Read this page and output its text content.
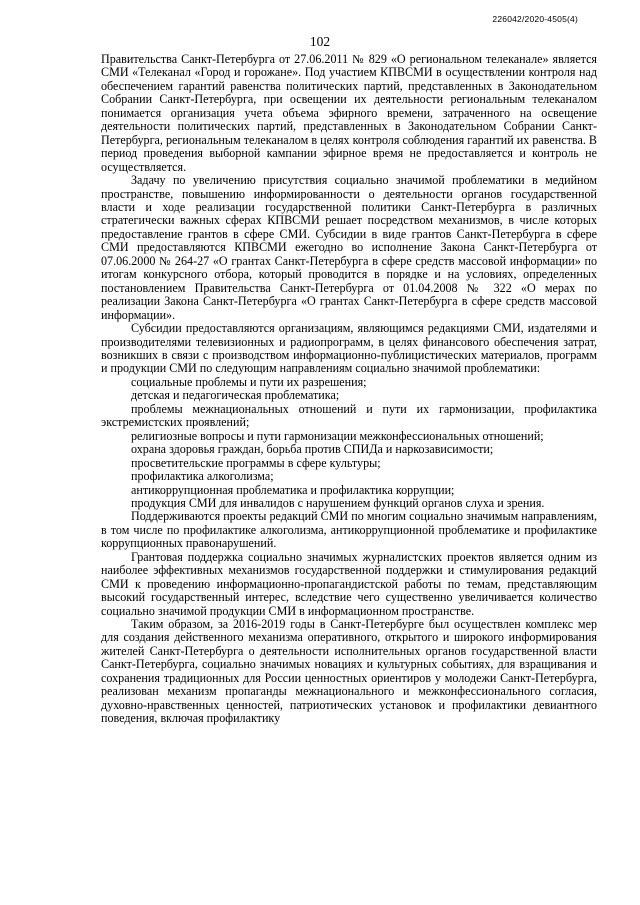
226042/2020-4505(4)
102

Правительства Санкт-Петербурга от 27.06.2011 № 829 «О региональном телеканале» является СМИ «Телеканал «Город и горожане». Под участием КПВСМИ в осуществлении контроля над обеспечением гарантий равенства политических партий, представленных в Законодательном Собрании Санкт-Петербурга, при освещении их деятельности региональным телеканалом понимается организация учета объема эфирного времени, затраченного на освещение деятельности политических партий, представленных в Законодательном Собрании Санкт-Петербурга, региональным телеканалом в целях контроля соблюдения гарантий их равенства. В период проведения выборной кампании эфирное время не предоставляется и контроль не осуществляется.

Задачу по увеличению присутствия социально значимой проблематики в медийном пространстве, повышению информированности о деятельности органов государственной власти и ходе реализации государственной политики Санкт-Петербурга в различных стратегически важных сферах КПВСМИ решает посредством механизмов, в числе которых предоставление грантов в сфере СМИ. Субсидии в виде грантов Санкт-Петербурга в сфере СМИ предоставляются КПВСМИ ежегодно во исполнение Закона Санкт-Петербурга от 07.06.2000 № 264-27 «О грантах Санкт-Петербурга в сфере средств массовой информации» по итогам конкурсного отбора, который проводится в порядке и на условиях, определенных постановлением Правительства Санкт-Петербурга от 01.04.2008 № 322 «О мерах по реализации Закона Санкт-Петербурга «О грантах Санкт-Петербурга в сфере средств массовой информации».

Субсидии предоставляются организациям, являющимся редакциями СМИ, издателями и производителями телевизионных и радиопрограмм, в целях финансового обеспечения затрат, возникших в связи с производством информационно-публицистических материалов, программ и продукции СМИ по следующим направлениям социально значимой проблематики:

социальные проблемы и пути их разрешения;

детская и педагогическая проблематика;

проблемы межнациональных отношений и пути их гармонизации, профилактика экстремистских проявлений;

религиозные вопросы и пути гармонизации межконфессиональных отношений;

охрана здоровья граждан, борьба против СПИДа и наркозависимости;

просветительские программы в сфере культуры;

профилактика алкоголизма;

антикоррупционная проблематика и профилактика коррупции;

продукция СМИ для инвалидов с нарушением функций органов слуха и зрения.

Поддерживаются проекты редакций СМИ по многим социально значимым направлениям, в том числе по профилактике алкоголизма, антикоррупционной проблематике и профилактике коррупционных правонарушений.

Грантовая поддержка социально значимых журналистских проектов является одним из наиболее эффективных механизмов государственной поддержки и стимулирования редакций СМИ к проведению информационно-пропагандистской работы по темам, представляющим высокий государственный интерес, вследствие чего существенно увеличивается количество социально значимой продукции СМИ в информационном пространстве.

Таким образом, за 2016-2019 годы в Санкт-Петербурге был осуществлен комплекс мер для создания действенного механизма оперативного, открытого и широкого информирования жителей Санкт-Петербурга о деятельности исполнительных органов государственной власти Санкт-Петербурга, социально значимых новациях и культурных событиях, для взращивания и сохранения традиционных для России ценностных ориентиров у молодежи Санкт-Петербурга, реализован механизм пропаганды межнационального и межконфессионального согласия, духовно-нравственных ценностей, патриотических установок и профилактики девиантного поведения, включая профилактику
